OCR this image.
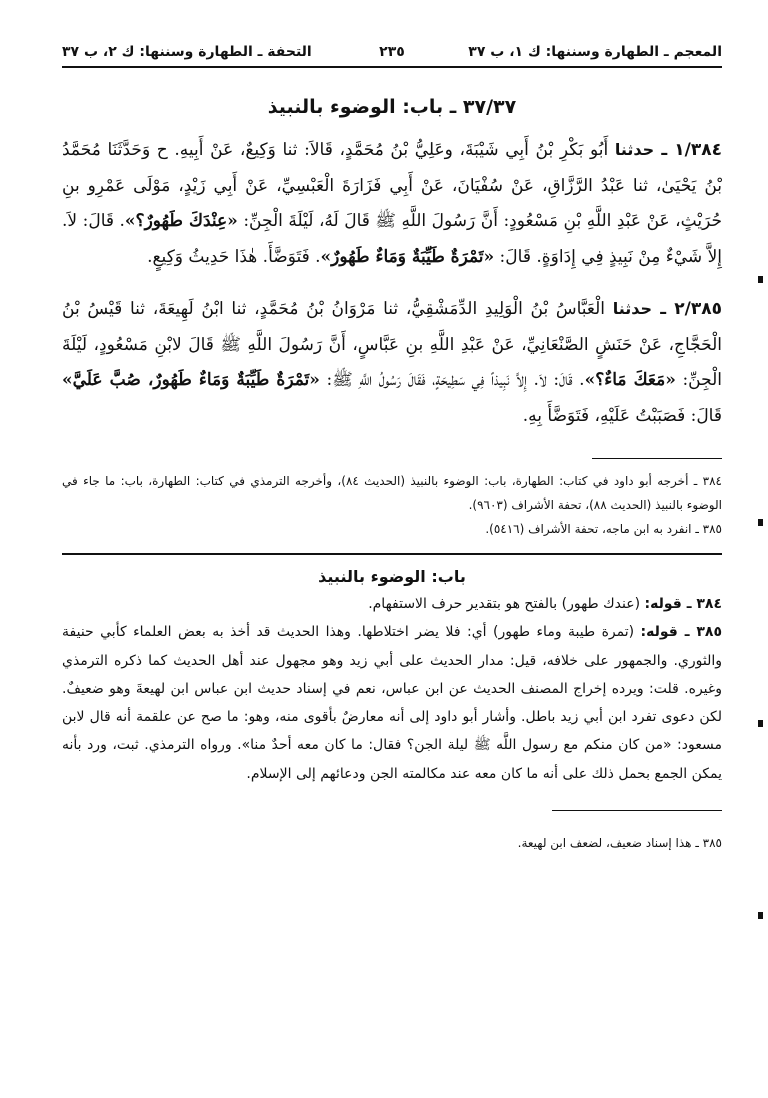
المعجم ـ الطهارة وسننها: ك ١، ب ٣٧
٢٣٥
التحفة ـ الطهارة وسننها: ك ٢، ب ٣٧
٣٧/٣٧ ـ باب: الوضوء بالنبيذ

١/٣٨٤ ـ حدثنا أَبُو بَكْرِ بْنُ أَبِي شَيْبَةَ، وعَلِيُّ بْنُ مُحَمَّدٍ، قَالاَ: ثنا وَكِيعٌ، عَنْ أَبِيهِ. ح وَحَدَّثَنَا مُحَمَّدُ بْنُ يَحْيَىٰ، ثنا عَبْدُ الرَّزَّاقِ، عَنْ سُفْيَانَ، عَنْ أَبِي فَزَارَةَ الْعَبْسِيِّ، عَنْ أَبِي زَيْدٍ، مَوْلَى عَمْرِو بنِ حُرَيْثٍ، عَنْ عَبْدِ اللَّهِ بْنِ مَسْعُودٍ: أَنَّ رَسُولَ اللَّهِ ﷺ قَالَ لَهُ، لَيْلَةَ الْجِنِّ: «عِنْدَكَ طَهُورٌ؟». قَالَ: لاَ. إِلاَّ شَيْءٌ مِنْ نَبِيذٍ فِي إِدَاوَةٍ. قَالَ: «تَمْرَةٌ طَيِّبَةٌ وَمَاءٌ طَهُورٌ». فَتَوَضَّأَ. هٰذَا حَدِيثُ وَكِيعٍ.

٢/٣٨٥ ـ حدثنا الْعَبَّاسُ بْنُ الْوَلِيدِ الدِّمَشْقِيُّ، ثنا مَرْوَانُ بْنُ مُحَمَّدٍ، ثنا ابْنُ لَهِيعَةَ، ثنا قَيْسُ بْنُ الْحَجَّاجِ، عَنْ حَنَشٍ الصَّنْعَانِيِّ، عَنْ عَبْدِ اللَّهِ بنِ عَبَّاسٍ، أَنَّ رَسُولَ اللَّهِ ﷺ قَالَ لابْنِ مَسْعُودٍ، لَيْلَةَ الْجِنِّ: «مَعَكَ مَاءٌ؟». قَالَ: لاَ. إِلاَّ نَبِيذاً فِي سَطِيحَةٍ، فَقَالَ رَسُولُ اللَّهِ ﷺ: «تَمْرَةٌ طَيِّبَةٌ وَمَاءٌ طَهُورٌ، صُبَّ عَلَيَّ» قَالَ: فَصَبَبْتُ عَلَيْهِ، فَتَوَضَّأَ بِهِ.

٣٨٤ ـ أخرجه أبو داود في كتاب: الطهارة، باب: الوضوء بالنبيذ (الحديث ٨٤)، وأخرجه الترمذي في كتاب: الطهارة، باب: ما جاء في الوضوء بالنبيذ (الحديث ٨٨)، تحفة الأشراف (٩٦٠٣).

٣٨٥ ـ انفرد به ابن ماجه، تحفة الأشراف (٥٤١٦).

باب: الوضوء بالنبيذ

٣٨٤ ـ قوله: (عندك طهور) بالفتح هو بتقدير حرف الاستفهام.

٣٨٥ ـ قوله: (تمرة طيبة وماء طهور) أي: فلا يضر اختلاطها. وهذا الحديث قد أخذ به بعض العلماء كأبي حنيفة والثوري. والجمهور على خلافه، قيل: مدار الحديث على أبي زيد وهو مجهول عند أهل الحديث كما ذكره الترمذي وغيره. قلت: ويرده إخراج المصنف الحديث عن ابن عباس، نعم في إسناد حديث ابن عباس ابن لهيعةَ وهو ضعيفٌ. لكن دعوى تفرد ابن أبي زيد باطل. وأشار أبو داود إلى أنه معارضٌ بأقوى منه، وهو: ما صح عن علقمة أنه قال لابن مسعود: «من كان منكم مع رسول اللَّه ﷺ ليلة الجن؟ فقال: ما كان معه أحدٌ منا». ورواه الترمذي. ثبت، ورد بأنه يمكن الجمع بحمل ذلك على أنه ما كان معه عند مكالمته الجن ودعائهم إلى الإسلام.

٣٨٥ ـ هذا إسناد ضعيف، لضعف ابن لهيعة.
